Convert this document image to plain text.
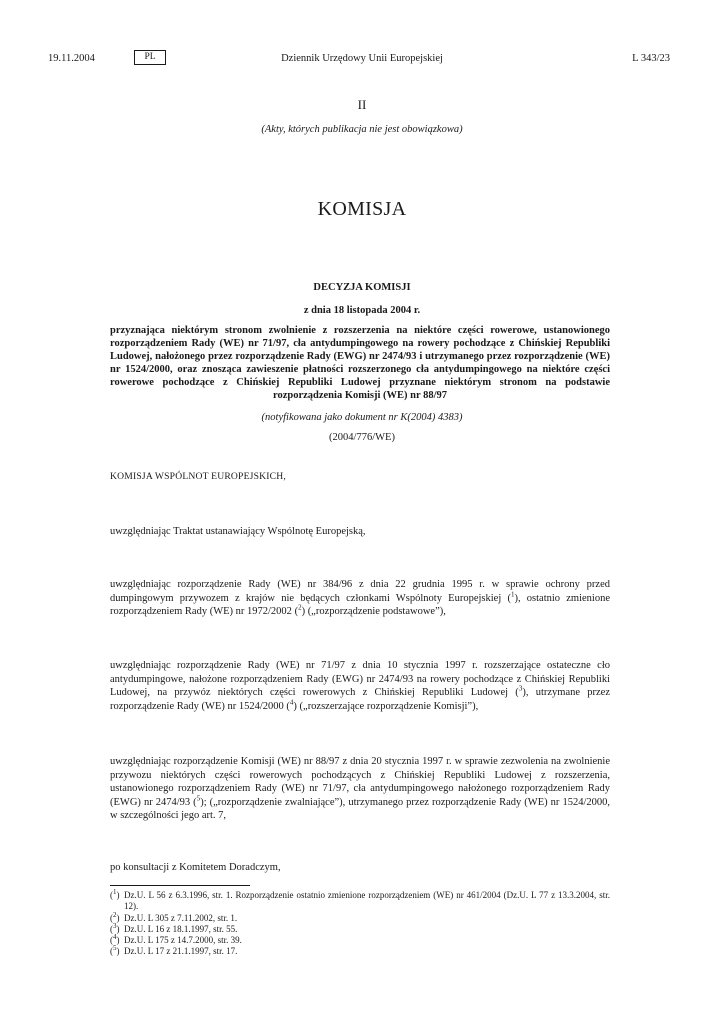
19.11.2004	PL	Dziennik Urzędowy Unii Europejskiej	L 343/23
II
(Akty, których publikacja nie jest obowiązkowa)
KOMISJA
DECYZJA KOMISJI
z dnia 18 listopada 2004 r.
przyznająca niektórym stronom zwolnienie z rozszerzenia na niektóre części rowerowe, ustanowionego rozporządzeniem Rady (WE) nr 71/97, cła antydumpingowego na rowery pochodzące z Chińskiej Republiki Ludowej, nałożonego przez rozporządzenie Rady (EWG) nr 2474/93 i utrzymanego przez rozporządzenie (WE) nr 1524/2000, oraz znosząca zawieszenie płatności rozszerzonego cła antydumpingowego na niektóre części rowerowe pochodzące z Chińskiej Republiki Ludowej przyznane niektórym stronom na podstawie rozporządzenia Komisji (WE) nr 88/97
(notyfikowana jako dokument nr K(2004) 4383)
(2004/776/WE)
KOMISJA WSPÓLNOT EUROPEJSKICH,
uwzględniając Traktat ustanawiający Wspólnotę Europejską,
uwzględniając rozporządzenie Rady (WE) nr 384/96 z dnia 22 grudnia 1995 r. w sprawie ochrony przed dumpingowym przywozem z krajów nie będących członkami Wspólnoty Europejskiej ($^1$), ostatnio zmienione rozporządzeniem Rady (WE) nr 1972/2002 ($^2$) („rozporządzenie podstawowe”),
uwzględniając rozporządzenie Rady (WE) nr 71/97 z dnia 10 stycznia 1997 r. rozszerzające ostateczne cło antydumpingowe, nałożone rozporządzeniem Rady (EWG) nr 2474/93 na rowery pochodzące z Chińskiej Republiki Ludowej, na przywóz niektórych części rowerowych z Chińskiej Republiki Ludowej ($^3$), utrzymane przez rozporządzenie Rady (WE) nr 1524/2000 ($^4$) („rozszerzające rozporządzenie Komisji”),
uwzględniając rozporządzenie Komisji (WE) nr 88/97 z dnia 20 stycznia 1997 r. w sprawie zezwolenia na zwolnienie przywozu niektórych części rowerowych pochodzących z Chińskiej Republiki Ludowej z rozszerzenia, ustanowionego rozporządzeniem Rady (WE) nr 71/97, cła antydumpingowego nałożonego rozporządzeniem Rady (EWG) nr 2474/93 ($^5$); („rozporządzenie zwalniające”), utrzymanego przez rozporządzenie Rady (WE) nr 1524/2000, w szczególności jego art. 7,
po konsultacji z Komitetem Doradczym,
($^1$) Dz.U. L 56 z 6.3.1996, str. 1. Rozporządzenie ostatnio zmienione rozporządzeniem (WE) nr 461/2004 (Dz.U. L 77 z 13.3.2004, str. 12).
($^2$) Dz.U. L 305 z 7.11.2002, str. 1.
($^3$) Dz.U. L 16 z 18.1.1997, str. 55.
($^4$) Dz.U. L 175 z 14.7.2000, str. 39.
($^5$) Dz.U. L 17 z 21.1.1997, str. 17.
